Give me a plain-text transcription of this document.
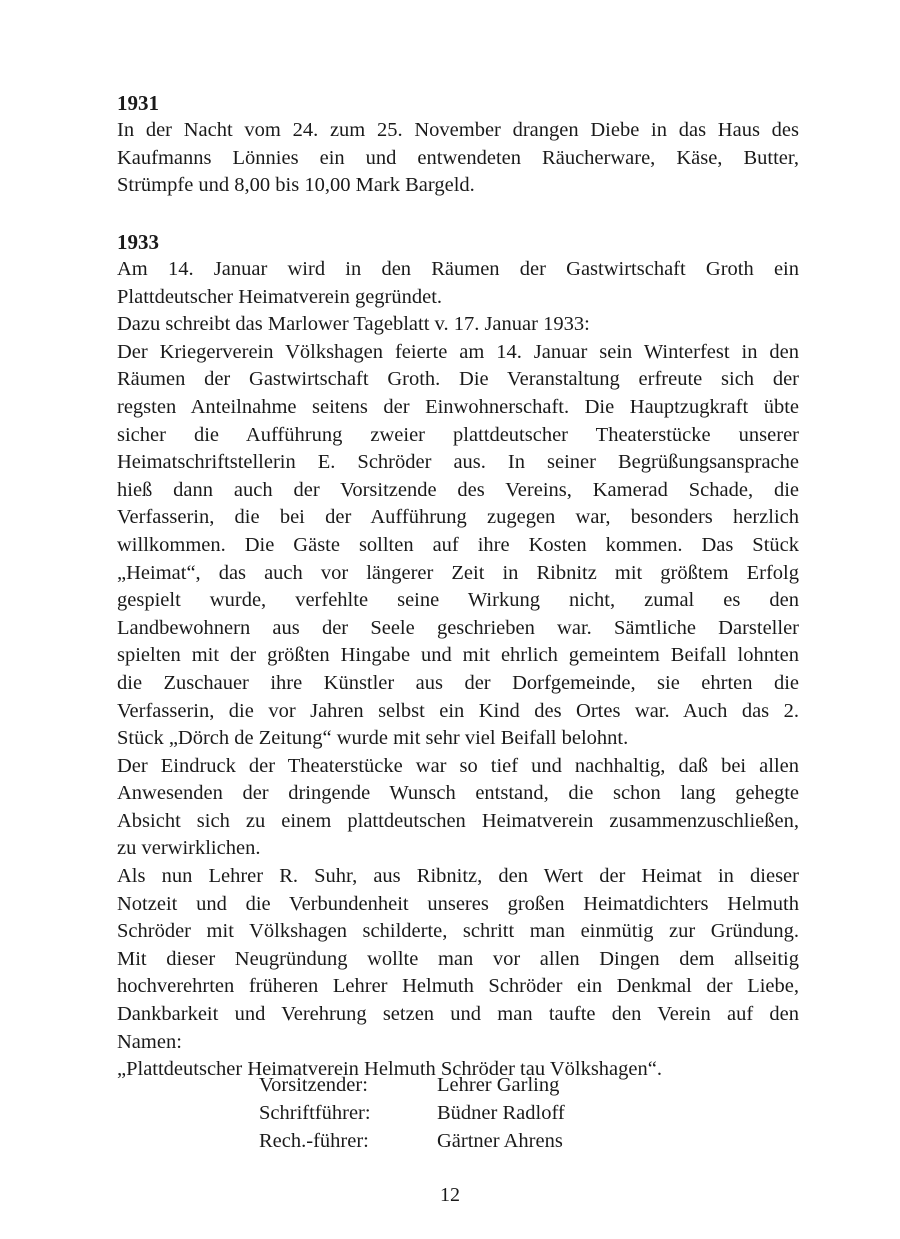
1931

In der Nacht vom 24. zum 25. November drangen Diebe in das Haus des

Kaufmanns Lönnies ein und entwendeten Räucherware, Käse, Butter,

Strümpfe und 8,00 bis 10,00 Mark Bargeld.

1933

Am 14. Januar wird in den Räumen der Gastwirtschaft Groth ein

Plattdeutscher Heimatverein gegründet.

Dazu schreibt das Marlower Tageblatt v. 17. Januar 1933:

Der Kriegerverein Völkshagen feierte am 14. Januar sein Winterfest in den

Räumen der Gastwirtschaft Groth. Die Veranstaltung erfreute sich der

regsten Anteilnahme seitens der Einwohnerschaft. Die Hauptzugkraft übte

sicher die Aufführung zweier plattdeutscher Theaterstücke unserer

Heimatschriftstellerin E. Schröder aus. In seiner Begrüßungsansprache

hieß dann auch der Vorsitzende des Vereins, Kamerad Schade, die

Verfasserin, die bei der Aufführung zugegen war, besonders herzlich

willkommen. Die Gäste sollten auf ihre Kosten kommen. Das Stück

„Heimat“, das auch vor längerer Zeit in Ribnitz mit größtem Erfolg

gespielt wurde, verfehlte seine Wirkung nicht, zumal es den

Landbewohnern aus der Seele geschrieben war. Sämtliche Darsteller

spielten mit der größten Hingabe und mit ehrlich gemeintem Beifall lohnten

die Zuschauer ihre Künstler aus der Dorfgemeinde, sie ehrten die

Verfasserin, die vor Jahren selbst ein Kind des Ortes war. Auch das 2.

Stück „Dörch de Zeitung“ wurde mit sehr viel Beifall belohnt.

Der Eindruck der Theaterstücke war so tief und nachhaltig, daß bei allen

Anwesenden der dringende Wunsch entstand, die schon lang gehegte

Absicht sich zu einem plattdeutschen Heimatverein zusammenzuschließen,

zu verwirklichen.

Als nun Lehrer R. Suhr, aus Ribnitz, den Wert der Heimat in dieser

Notzeit und die Verbundenheit unseres großen Heimatdichters Helmuth

Schröder mit Völkshagen schilderte, schritt man einmütig zur Gründung.

Mit dieser Neugründung wollte man vor allen Dingen dem allseitig

hochverehrten früheren Lehrer Helmuth Schröder ein Denkmal der Liebe,

Dankbarkeit und Verehrung setzen und man taufte den Verein auf den

Namen:

„Plattdeutscher Heimatverein Helmuth Schröder tau Völkshagen“.

Vorsitzender:	Lehrer Garling
Schriftführer:	Büdner Radloff
Rech.-führer:	Gärtner Ahrens
12
